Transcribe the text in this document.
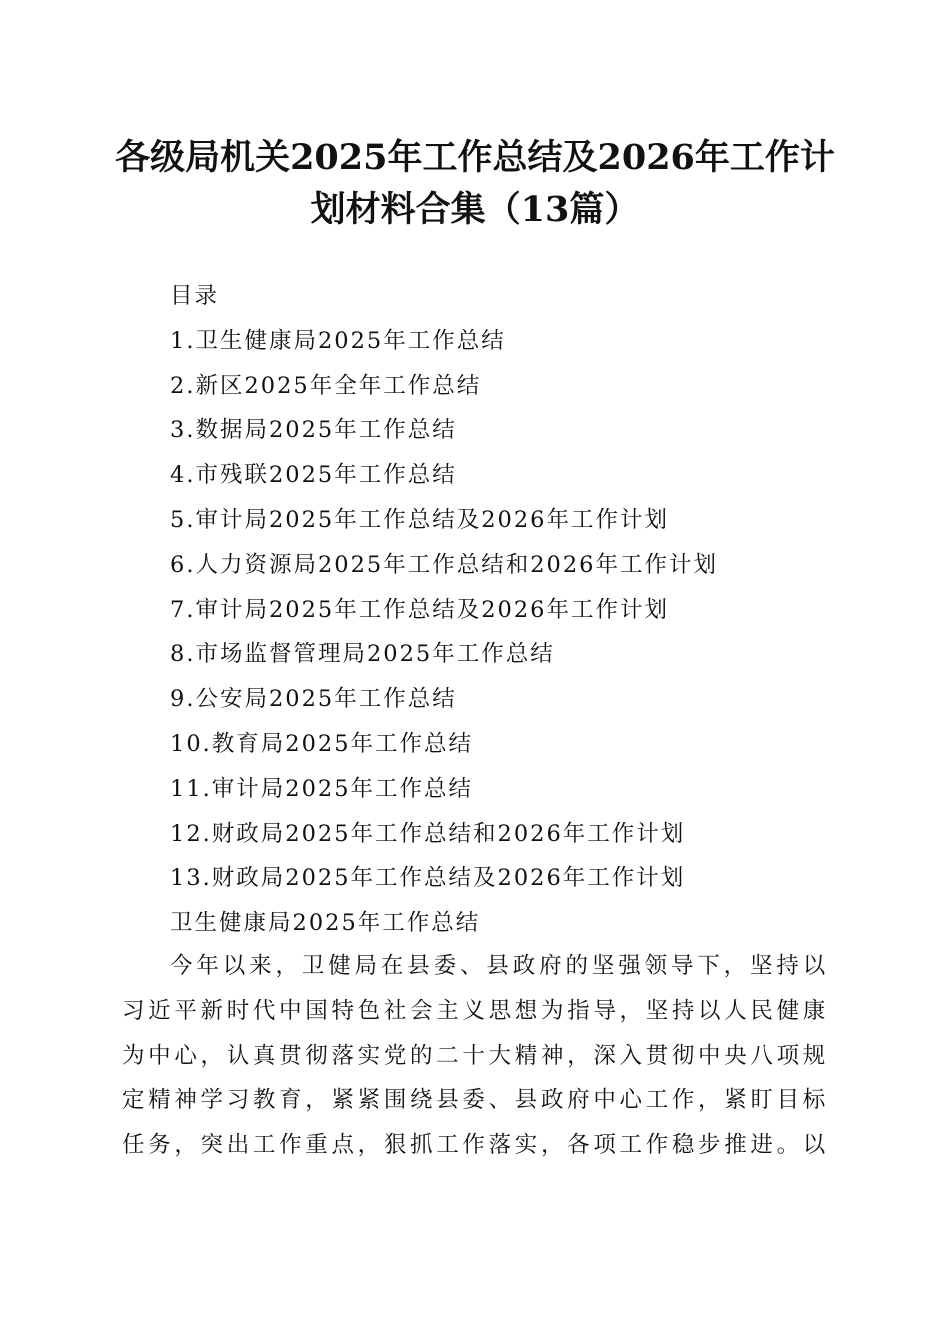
各级局机关2025年工作总结及2026年工作计
划材料合集（13篇）
目录
1.卫生健康局2025年工作总结
2.新区2025年全年工作总结
3.数据局2025年工作总结
4.市残联2025年工作总结
5.审计局2025年工作总结及2026年工作计划
6.人力资源局2025年工作总结和2026年工作计划
7.审计局2025年工作总结及2026年工作计划
8.市场监督管理局2025年工作总结
9.公安局2025年工作总结
10.教育局2025年工作总结
11.审计局2025年工作总结
12.财政局2025年工作总结和2026年工作计划
13.财政局2025年工作总结及2026年工作计划
卫生健康局2025年工作总结
今年以来，卫健局在县委、县政府的坚强领导下，坚持以
习近平新时代中国特色社会主义思想为指导，坚持以人民健康
为中心，认真贯彻落实党的二十大精神，深入贯彻中央八项规
定精神学习教育，紧紧围绕县委、县政府中心工作，紧盯目标
任务，突出工作重点，狠抓工作落实，各项工作稳步推进。以
